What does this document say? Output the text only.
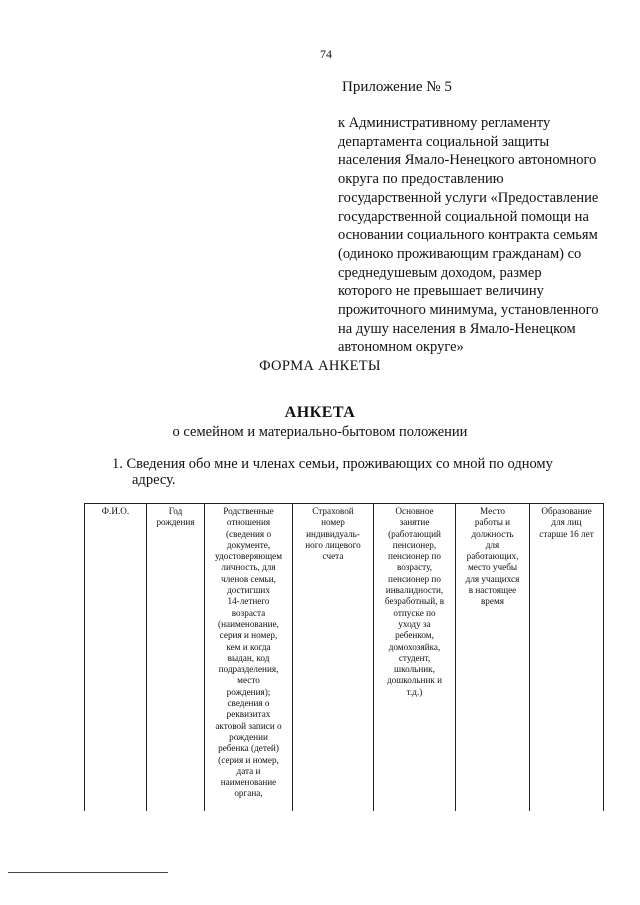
74
Приложение № 5
к Административному регламенту
департамента социальной защиты
населения Ямало-Ненецкого автономного
округа по предоставлению
государственной услуги «Предоставление
государственной социальной помощи на
основании социального контракта семьям
(одиноко проживающим гражданам) со
среднедушевым доходом, размер
которого не превышает величину
прожиточного минимума, установленного
на душу населения в Ямало-Ненецком
автономном округе»
ФОРМА АНКЕТЫ
АНКЕТА
о семейном и материально-бытовом положении
1. Сведения обо мне и членах семьи, проживающих со мной по одному
адресу.
Ф.И.О.	Год
рождения
Родственные
отношения
(сведения о
документе,
удостоверяющем
личность, для
членов семьи,
достигших
14-летнего
возраста
(наименование,
серия и номер,
кем и когда
выдан, код
подразделения,
место
рождения);
сведения о
реквизитах
актовой записи о
рождении
ребенка (детей)
(серия и номер,
дата и
наименование
органа,
Страховой
номер
индивидуаль-
ного лицевого
счета
Основное
занятие
(работающий
пенсионер,
пенсионер по
возрасту,
пенсионер по
инвалидности,
безработный, в
отпуске по
уходу за
ребенком,
домохозяйка,
студент,
школьник,
дошкольник и
т.д.)
Место
работы и
должность
для
работающих,
место учебы
для учащихся
в настоящее
время
Образование
для лиц
старше 16 лет
